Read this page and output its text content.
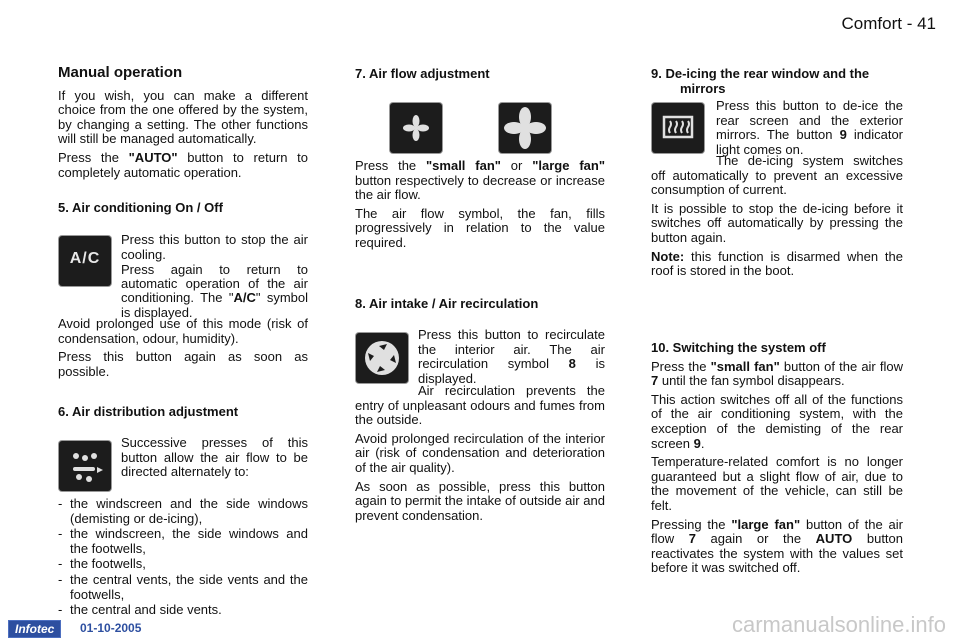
Comfort - 41

Manual operation

If you wish, you can make a different choice from the one offered by the system, by changing a setting. The other functions will still be managed automatically.

Press the "AUTO" button to return to completely automatic operation.

5. Air conditioning On / Off
A/C

Press this button to stop the air cooling.

Press again to return to automatic operation of the air conditioning. The "A/C" symbol is displayed.

Avoid prolonged use of this mode (risk of condensation, odour, humidity).

Press this button again as soon as possible.

6. Air distribution adjustment
Successive presses of this button allow the air flow to be directed alternately to:
- the windscreen and the side windows (demisting or de-icing),
- the windscreen, the side windows and the footwells,
- the footwells,
- the central vents, the side vents and the footwells,
- the central and side vents.
7. Air flow adjustment

Press the "small fan" or "large fan" button respectively to decrease or increase the air flow.

The air flow symbol, the fan, fills progressively in relation to the value required.

8. Air intake / Air recirculation
Press this button to recirculate the interior air. The air recirculation symbol 8 is displayed.

Air recirculation prevents the entry of unpleasant odours and fumes from the outside.

Avoid prolonged recirculation of the interior air (risk of condensation and deterioration of the air quality).

As soon as possible, press this button again to permit the intake of outside air and prevent condensation.

9. De-icing the rear window and the mirrors
Press this button to de-ice the rear screen and the exterior mirrors. The button 9 indicator light comes on.

The de-icing system switches off automatically to prevent an excessive consumption of current.

It is possible to stop the de-icing before it switches off automatically by pressing the button again.

Note: this function is disarmed when the roof is stored in the boot.

10. Switching the system off

Press the "small fan" button of the air flow 7 until the fan symbol disappears.

This action switches off all of the functions of the air conditioning system, with the exception of the demisting of the rear screen 9.

Temperature-related comfort is no longer guaranteed but a slight flow of air, due to the movement of the vehicle, can still be felt.

Pressing the "large fan" button of the air flow 7 again or the AUTO button reactivates the system with the values set before it was switched off.

Infotec	01-10-2005	carmanualsonline.info
